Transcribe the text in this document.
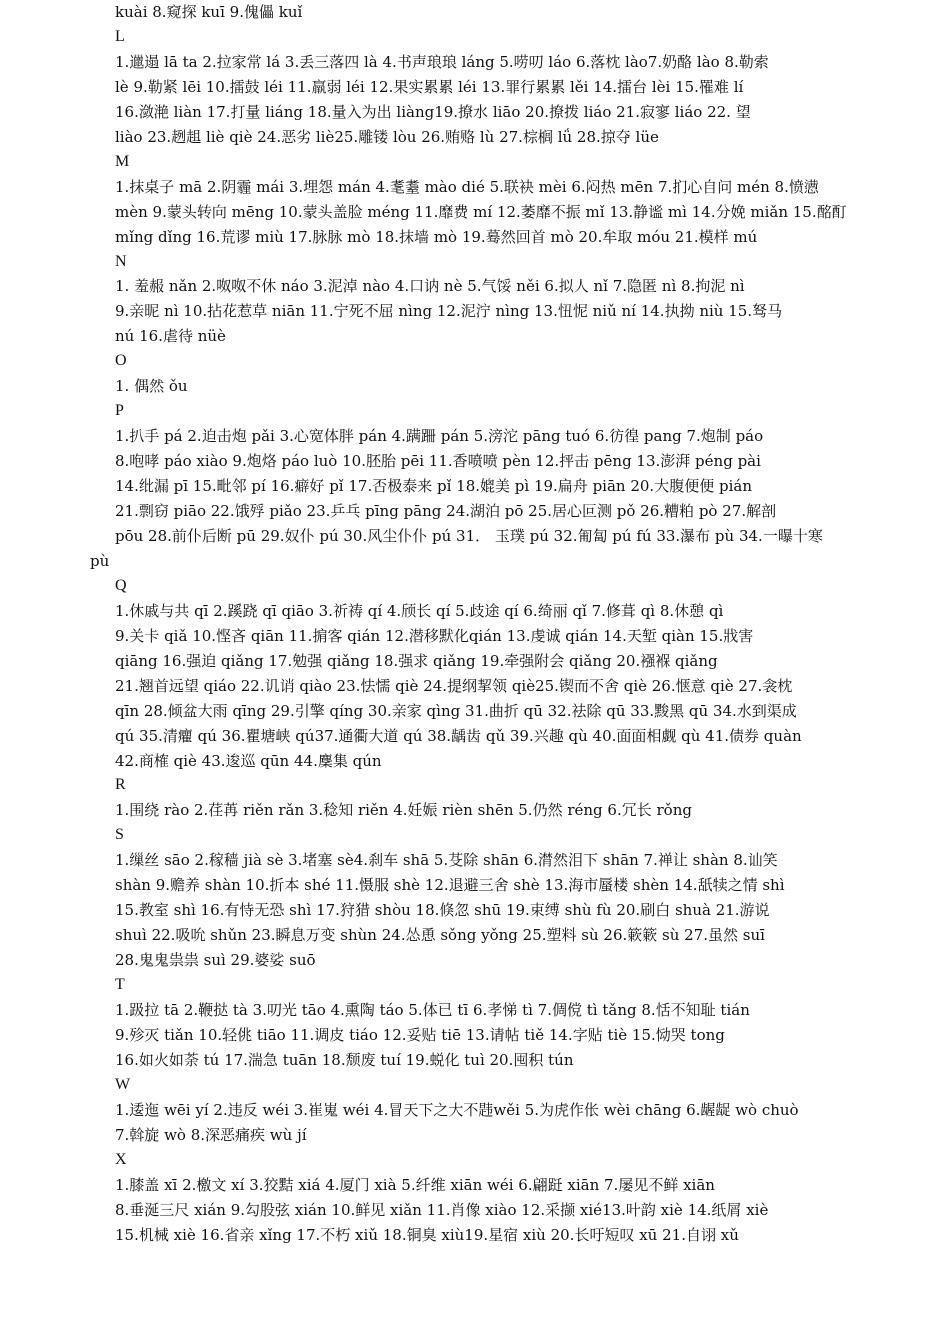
kuài 8.窥探 kuī 9.傀儡 kuǐ
L
1.邋遢 lā ta 2.拉家常 lá 3.丢三落四 là 4.书声琅琅 láng 5.唠叨 láo 6.落枕 lào7.奶酪 lào 8.勒索
lè 9.勒紧 lēi 10.擂鼓 léi 11.羸弱 léi 12.果实累累 léi 13.罪行累累 lěi 14.擂台 lèi 15.罹难 lí
16.潋滟 liàn 17.打量 liáng 18.量入为出 liàng19.撩水 liāo 20.撩拨 liáo 21.寂寥 liáo 22. 望
liào 23.趔趄 liè qiè 24.恶劣 liè25.雕镂 lòu 26.贿赂 lù 27.棕榈 lǘ 28.掠夺 lüe
M
1.抹桌子 mā 2.阴霾 mái 3.埋怨 mán 4.耄耋 mào dié 5.联袂 mèi 6.闷热 mēn 7.扪心自问 mén 8.愤懑
mèn 9.蒙头转向 mēng 10.蒙头盖脸 méng 11.靡费 mí 12.萎靡不振 mǐ 13.静谧 mì 14.分娩 miǎn 15.酩酊
mǐng dǐng 16.荒谬 miù 17.脉脉 mò 18.抹墙 mò 19.蓦然回首 mò 20.牟取 móu 21.模样 mú
N
1. 羞赧 nǎn 2.呶呶不休 náo 3.泥淖 nào 4.口讷 nè 5.气馁 něi 6.拟人 nǐ 7.隐匿 nì 8.拘泥 nì
9.亲昵 nì 10.拈花惹草 niān 11.宁死不屈 nìng 12.泥泞 nìng 13.忸怩 niǔ ní 14.执拗 niù 15.驽马
nú 16.虐待 nüè
O
1. 偶然 ǒu
P
1.扒手 pá 2.迫击炮 pǎi 3.心宽体胖 pán 4.蹒跚 pán 5.滂沱 pāng tuó 6.彷徨 pang 7.炮制 páo
8.咆哮 páo xiào 9.炮烙 páo luò 10.胚胎 pēi 11.香喷喷 pèn 12.抨击 pēng 13.澎湃 péng pài
14.纰漏 pī 15.毗邻 pí 16.癖好 pǐ 17.否极泰来 pǐ 18.媲美 pì 19.扁舟 piān 20.大腹便便 pián
21.剽窃 piāo 22.饿殍 piǎo 23.乒乓 pīng pāng 24.湖泊 pō 25.居心叵测 pǒ 26.糟粕 pò 27.解剖
pōu 28.前仆后断 pū 29.奴仆 pú 30.风尘仆仆 pú 31． 玉璞 pú 32.匍匐 pú fú 33.瀑布 pù 34.一曝十寒
pù
Q
1.休戚与共 qī 2.蹊跷 qī qiāo 3.祈祷 qí 4.颀长 qí 5.歧途 qí 6.绮丽 qǐ 7.修葺 qì 8.休憩 qì
9.关卡 qiǎ 10.悭吝 qiān 11.掮客 qián 12.潜移默化qián 13.虔诚 qián 14.天堑 qiàn 15.戕害
qiāng 16.强迫 qiǎng 17.勉强 qiǎng 18.强求 qiǎng 19.牵强附会 qiǎng 20.襁褓 qiǎng
21.翘首远望 qiáo 22.讥诮 qiào 23.怯懦 qiè 24.提纲挈领 qiè25.锲而不舍 qiè 26.惬意 qiè 27.衾枕
qīn 28.倾盆大雨 qīng 29.引擎 qíng 30.亲家 qìng 31.曲折 qū 32.祛除 qū 33.黢黑 qū 34.水到渠成
qú 35.清癯 qú 36.瞿塘峡 qú37.通衢大道 qú 38.龋齿 qǔ 39.兴趣 qù 40.面面相觑 qù 41.债券 quàn
42.商榷 qiè 43.逡巡 qūn 44.麇集 qún
R
1.围绕 rào 2.荏苒 riěn rǎn 3.稔知 riěn 4.妊娠 rièn shēn 5.仍然 réng 6.冗长 rǒng
S
1.缫丝 sāo 2.稼穑 jià sè 3.堵塞 sè4.刹车 shā 5.芟除 shān 6.潸然泪下 shān 7.禅让 shàn 8.讪笑
shàn 9.赡养 shàn 10.折本 shé 11.慑服 shè 12.退避三舍 shè 13.海市蜃楼 shèn 14.舐犊之情 shì
15.教室 shì 16.有恃无恐 shì 17.狩猎 shòu 18.倏忽 shū 19.束缚 shù fù 20.刷白 shuà 21.游说
shuì 22.吸吮 shǔn 23.瞬息万变 shùn 24.怂恿 sǒng yǒng 25.塑料 sù 26.簌簌 sù 27.虽然 suī
28.鬼鬼祟祟 suì 29.婆娑 suō
T
1.趿拉 tā 2.鞭挞 tà 3.叨光 tāo 4.熏陶 táo 5.体已 tī 6.孝悌 tì 7.倜傥 tì tǎng 8.恬不知耻 tián
9.殄灭 tiǎn 10.轻佻 tiāo 11.调皮 tiáo 12.妥贴 tiē 13.请帖 tiě 14.字贴 tiè 15.恸哭 tong
16.如火如荼 tú 17.湍急 tuān 18.颓废 tuí 19.蜕化 tuì 20.囤积 tún
W
1.逶迤 wēi yí 2.违反 wéi 3.崔嵬 wéi 4.冒天下之大不韪wěi 5.为虎作伥 wèi chāng 6.龌龊 wò chuò
7.斡旋 wò 8.深恶痛疾 wù jí
X
1.膝盖 xī 2.檄文 xí 3.狡黠 xiá 4.厦门 xià 5.纤维 xiān wéi 6.翩跹 xiān 7.屡见不鲜 xiān
8.垂涎三尺 xián 9.勾股弦 xián 10.鲜见 xiǎn 11.肖像 xiào 12.采撷 xié13.叶韵 xiè 14.纸屑 xiè
15.机械 xiè 16.省亲 xǐng 17.不朽 xiǔ 18.铜臭 xiù19.星宿 xiù 20.长吁短叹 xū 21.自诩 xǔ
